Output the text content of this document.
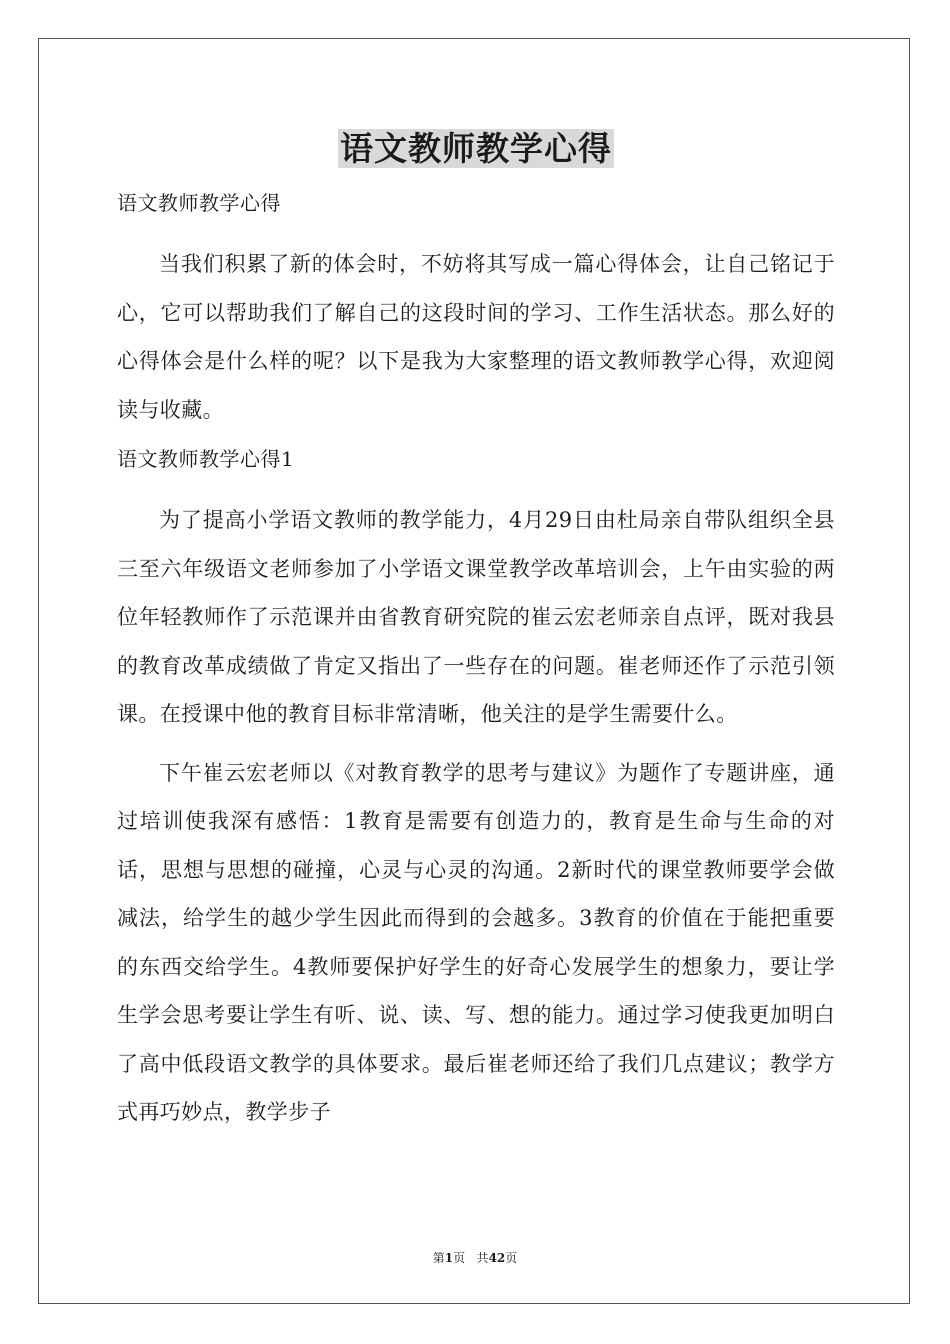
语文教师教学心得
语文教师教学心得

当我们积累了新的体会时，不妨将其写成一篇心得体会，让自己铭记于心，它可以帮助我们了解自己的这段时间的学习、工作生活状态。那么好的心得体会是什么样的呢？以下是我为大家整理的语文教师教学心得，欢迎阅读与收藏。

语文教师教学心得1

为了提高小学语文教师的教学能力，4月29日由杜局亲自带队组织全县三至六年级语文老师参加了小学语文课堂教学改革培训会，上午由实验的两位年轻教师作了示范课并由省教育研究院的崔云宏老师亲自点评，既对我县的教育改革成绩做了肯定又指出了一些存在的问题。崔老师还作了示范引领课。在授课中他的教育目标非常清晰，他关注的是学生需要什么。

下午崔云宏老师以《对教育教学的思考与建议》为题作了专题讲座，通过培训使我深有感悟：1教育是需要有创造力的，教育是生命与生命的对话，思想与思想的碰撞，心灵与心灵的沟通。2新时代的课堂教师要学会做减法，给学生的越少学生因此而得到的会越多。3教育的价值在于能把重要的东西交给学生。4教师要保护好学生的好奇心发展学生的想象力，要让学生学会思考要让学生有听、说、读、写、想的能力。通过学习使我更加明白了高中低段语文教学的具体要求。最后崔老师还给了我们几点建议；教学方式再巧妙点，教学步子

第1页 共42页
